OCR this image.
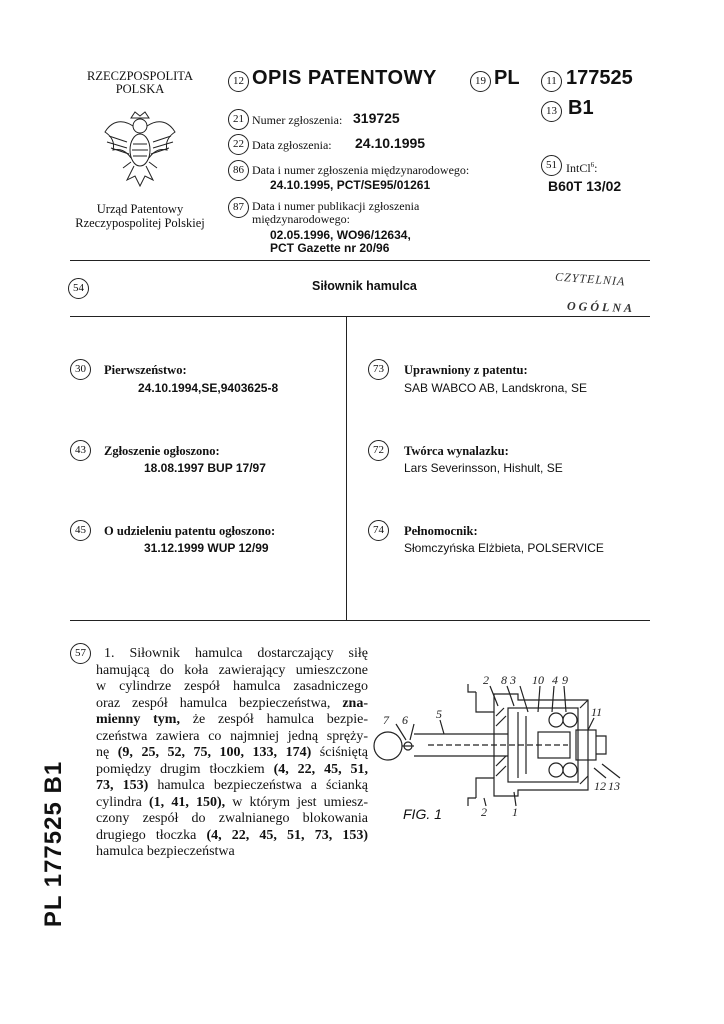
RZECZPOSPOLITA
POLSKA
Urząd Patentowy
Rzeczypospolitej Polskiej
12 OPIS PATENTOWY	19 PL
21 Numer zgłoszenia: 319725
22 Data zgłoszenia: 24.10.1995
86 Data i numer zgłoszenia międzynarodowego:
24.10.1995, PCT/SE95/01261
87 Data i numer publikacji zgłoszenia
międzynarodowego:
02.05.1996, WO96/12634,
PCT Gazette nr 20/96
11 177525
13 B1
51 IntCl$^6$:
B60T 13/02
54	Siłownik hamulca	CZYTELNIA
OGÓLNA
30	Pierwszeństwo:
24.10.1994,SE,9403625-8
43	Zgłoszenie ogłoszono:
18.08.1997 BUP 17/97
45	O udzieleniu patentu ogłoszono:
31.12.1999 WUP 12/99
73	Uprawniony z patentu:
SAB WABCO AB, Landskrona, SE
72	Twórca wynalazku:
Lars Severinsson, Hishult, SE
74	Pełnomocnik:
Słomczyńska Elżbieta, POLSERVICE
57	1. Siłownik hamulca dostarczający siłę
hamującą do koła zawierający umieszczone
w cylindrze zespół hamulca zasadniczego
oraz zespół hamulca bezpieczeństwa, zna-
mienny tym, że zespół hamulca bezpie-
czeństwa zawiera co najmniej jedną spręży-
nę (9, 25, 52, 75, 100, 133, 174) ściśniętą
pomiędzy drugim tłoczkiem (4, 22, 45, 51,
73, 153) hamulca bezpieczeństwa a ścianką
cylindra (1, 41, 150), w którym jest umiesz-
czony zespół do zwalnianego blokowania
drugiego tłoczka (4, 22, 45, 51, 73, 153)
hamulca bezpieczeństwa
2 8 3 10 4 9
11
7 6 5
2 1
12 13
FIG. 1
PL 177525 B1
